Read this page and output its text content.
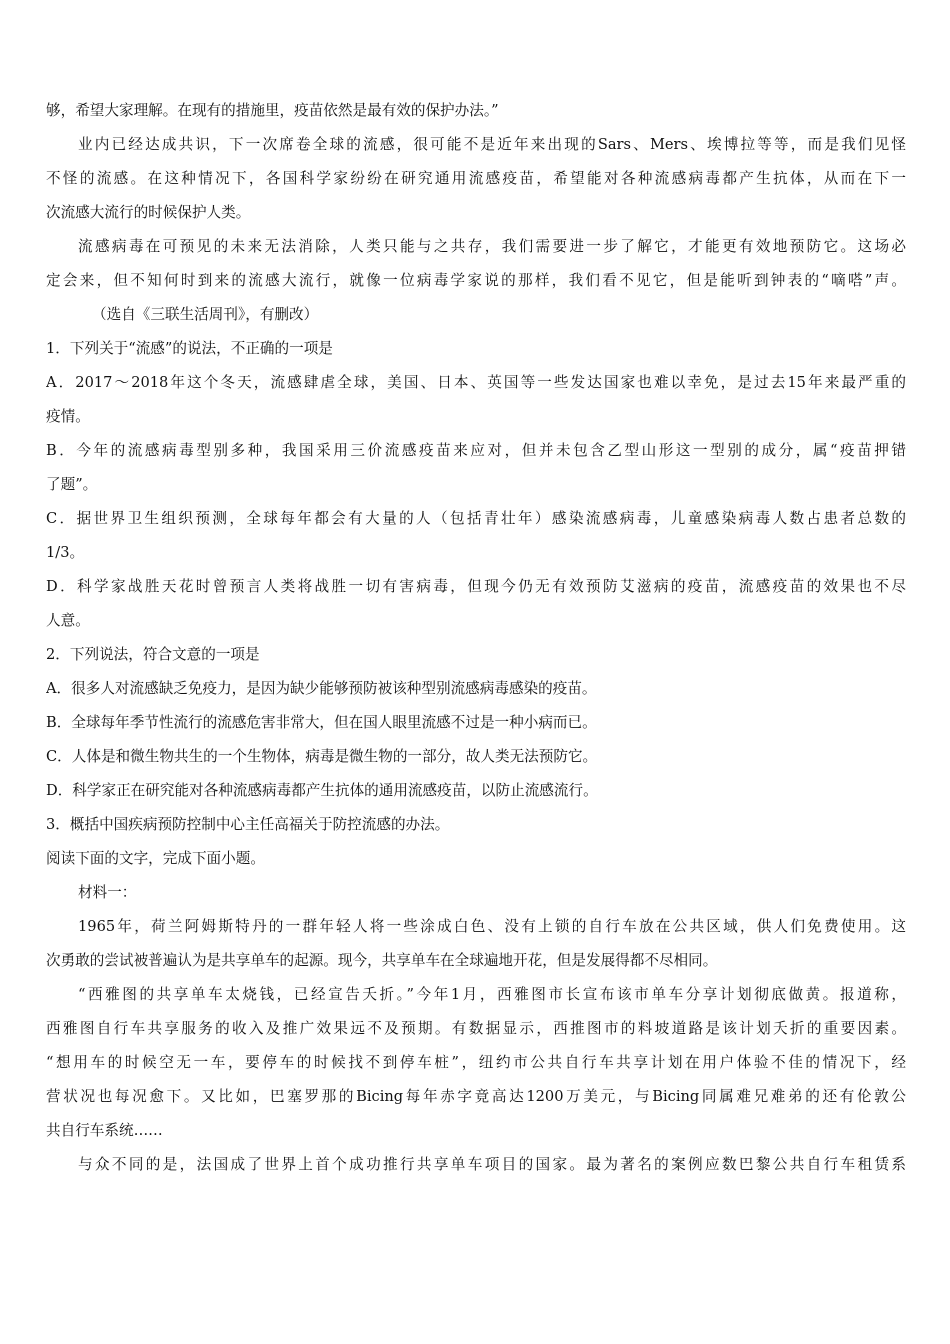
够，希望大家理解。在现有的措施里，疫苗依然是最有效的保护办法。”
业内已经达成共识，下一次席卷全球的流感，很可能不是近年来出现的Sars、Mers、埃博拉等等，而是我们见怪
不怪的流感。在这种情况下，各国科学家纷纷在研究通用流感疫苗，希望能对各种流感病毒都产生抗体，从而在下一
次流感大流行的时候保护人类。
流感病毒在可预见的未来无法消除，人类只能与之共存，我们需要进一步了解它，才能更有效地预防它。这场必
定会来，但不知何时到来的流感大流行，就像一位病毒学家说的那样，我们看不见它，但是能听到钟表的“嘀嗒”声。
（选自《三联生活周刊》，有删改）
1．下列关于“流感”的说法，不正确的一项是
A．2017～2018年这个冬天，流感肆虐全球，美国、日本、英国等一些发达国家也难以幸免，是过去15年来最严重的
疫情。
B．今年的流感病毒型别多种，我国采用三价流感疫苗来应对，但并未包含乙型山形这一型别的成分，属“疫苗押错
了题”。
C．据世界卫生组织预测，全球每年都会有大量的人（包括青壮年）感染流感病毒，儿童感染病毒人数占患者总数的
1/3。
D．科学家战胜天花时曾预言人类将战胜一切有害病毒，但现今仍无有效预防艾滋病的疫苗，流感疫苗的效果也不尽
人意。
2．下列说法，符合文意的一项是
A．很多人对流感缺乏免疫力，是因为缺少能够预防被该种型别流感病毒感染的疫苗。
B．全球每年季节性流行的流感危害非常大，但在国人眼里流感不过是一种小病而已。
C．人体是和微生物共生的一个生物体，病毒是微生物的一部分，故人类无法预防它。
D．科学家正在研究能对各种流感病毒都产生抗体的通用流感疫苗，以防止流感流行。
3．概括中国疾病预防控制中心主任高福关于防控流感的办法。
阅读下面的文字，完成下面小题。
材料一：
1965年，荷兰阿姆斯特丹的一群年轻人将一些涂成白色、没有上锁的自行车放在公共区域，供人们免费使用。这
次勇敢的尝试被普遍认为是共享单车的起源。现今，共享单车在全球遍地开花，但是发展得都不尽相同。
“西雅图的共享单车太烧钱，已经宣告夭折。”今年1月，西雅图市长宣布该市单车分享计划彻底做黄。报道称，
西雅图自行车共享服务的收入及推广效果远不及预期。有数据显示，西推图市的料坡道路是该计划夭折的重要因素。
“想用车的时候空无一车，要停车的时候找不到停车桩”，纽约市公共自行车共享计划在用户体验不佳的情况下，经
营状况也每况愈下。又比如，巴塞罗那的Bicing每年赤字竟高达1200万美元，与Bicing同属难兄难弟的还有伦敦公
共自行车系统……
与众不同的是，法国成了世界上首个成功推行共享单车项目的国家。最为著名的案例应数巴黎公共自行车租赁系
